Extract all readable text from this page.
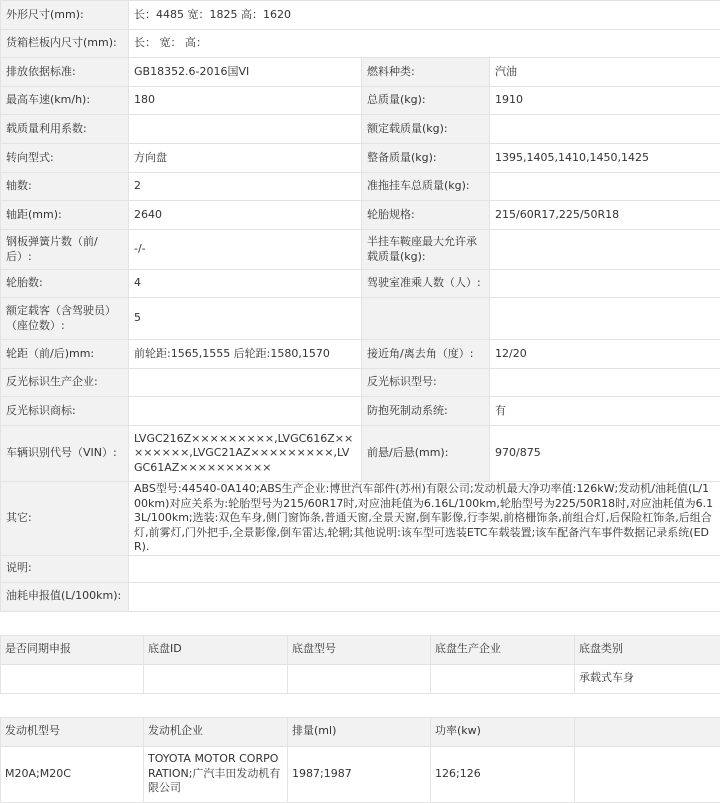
外形尺寸(mm):	长：4485 宽：1825 高：1620		
货箱栏板内尺寸(mm):	长： 宽： 高：		
排放依据标准:	GB18352.6-2016国VI	燃料种类:	汽油
最高车速(km/h):	180	总质量(kg):	1910
载质量利用系数:		额定载质量(kg):	
转向型式:	方向盘	整备质量(kg):	1395,1405,1410,1450,1425
轴数:	2	准拖挂车总质量(kg):	
轴距(mm):	2640	轮胎规格:	215/60R17,225/50R18
钢板弹簧片数（前/后）:	-/-	半挂车鞍座最大允许承载质量(kg):	
轮胎数:	4	驾驶室准乘人数（人）:	
额定载客（含驾驶员）（座位数）:	5		
轮距（前/后)mm:	前轮距:1565,1555 后轮距:1580,1570	接近角/离去角（度）:	12/20
反光标识生产企业:		反光标识型号:	
反光标识商标:		防抱死制动系统:	有
车辆识别代号（VIN）:	LVGC216Z×××××××××,LVGC616Z××××××××,LVGC21AZ×××××××××,LVGC61AZ××××××××××	前悬/后悬(mm):	970/875
其它:	ABS型号:44540-0A140;ABS生产企业:博世汽车部件(苏州)有限公司;发动机最大净功率值:126kW;发动机/油耗值(L/100km)对应关系为:轮胎型号为215/60R17时,对应油耗值为6.16L/100km,轮胎型号为225/50R18时,对应油耗值为6.13L/100km;选装:双色车身,侧门窗饰条,普通天窗,全景天窗,倒车影像,行李架,前格栅饰条,前组合灯,后保险杠饰条,后组合灯,前雾灯,门外把手,全景影像,倒车雷达,轮辋;其他说明:该车型可选装ETC车载装置;该车配备汽车事件数据记录系统(EDR).		
说明:			
油耗申报值(L/100km):			
是否同期申报	底盘ID	底盘型号	底盘生产企业	底盘类别
				承载式车身
发动机型号	发动机企业	排量(ml)	功率(kw)	
M20A;M20C	TOYOTA MOTOR CORPORATION;广汽丰田发动机有限公司	1987;1987	126;126	
